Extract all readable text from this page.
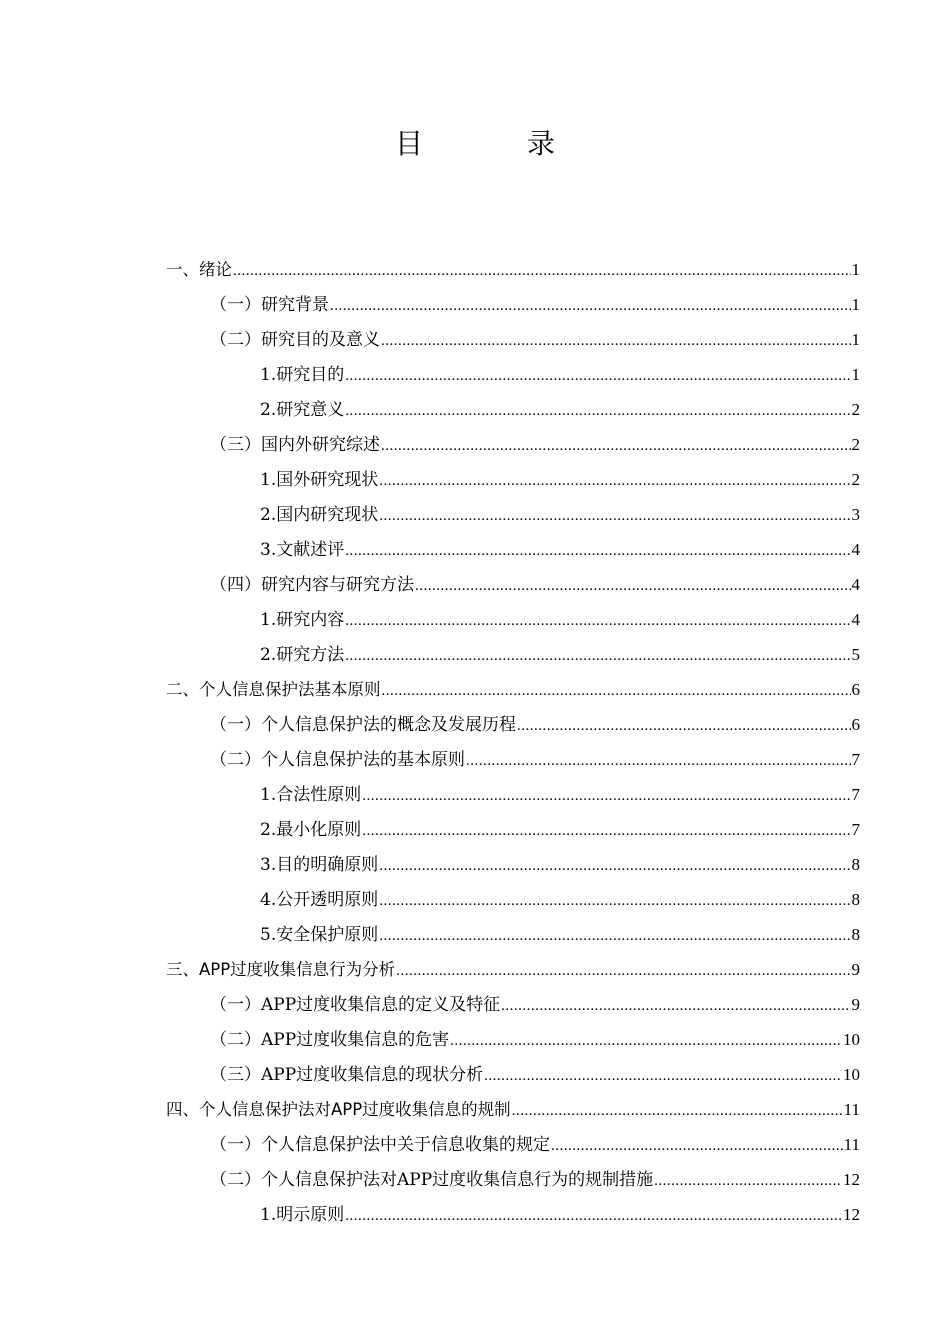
目　录
一、绪论 .....	1
（一）研究背景 .....	1
（二）研究目的及意义 .....	1
1.研究目的 .....	1
2.研究意义 .....	2
（三）国内外研究综述 .....	2
1.国外研究现状 .....	2
2.国内研究现状 .....	3
3.文献述评 .....	4
（四）研究内容与研究方法 .....	4
1.研究内容 .....	4
2.研究方法 .....	5
二、个人信息保护法基本原则 .....	6
（一）个人信息保护法的概念及发展历程 .....	6
（二）个人信息保护法的基本原则 .....	7
1.合法性原则 .....	7
2.最小化原则 .....	7
3.目的明确原则 .....	8
4.公开透明原则 .....	8
5.安全保护原则 .....	8
三、APP过度收集信息行为分析 .....	9
（一）APP过度收集信息的定义及特征 .....	9
（二）APP过度收集信息的危害 .....	10
（三）APP过度收集信息的现状分析 .....	10
四、个人信息保护法对APP过度收集信息的规制 .....	11
（一）个人信息保护法中关于信息收集的规定 .....	11
（二）个人信息保护法对APP过度收集信息行为的规制措施 .....	12
1.明示原则 .....	12
